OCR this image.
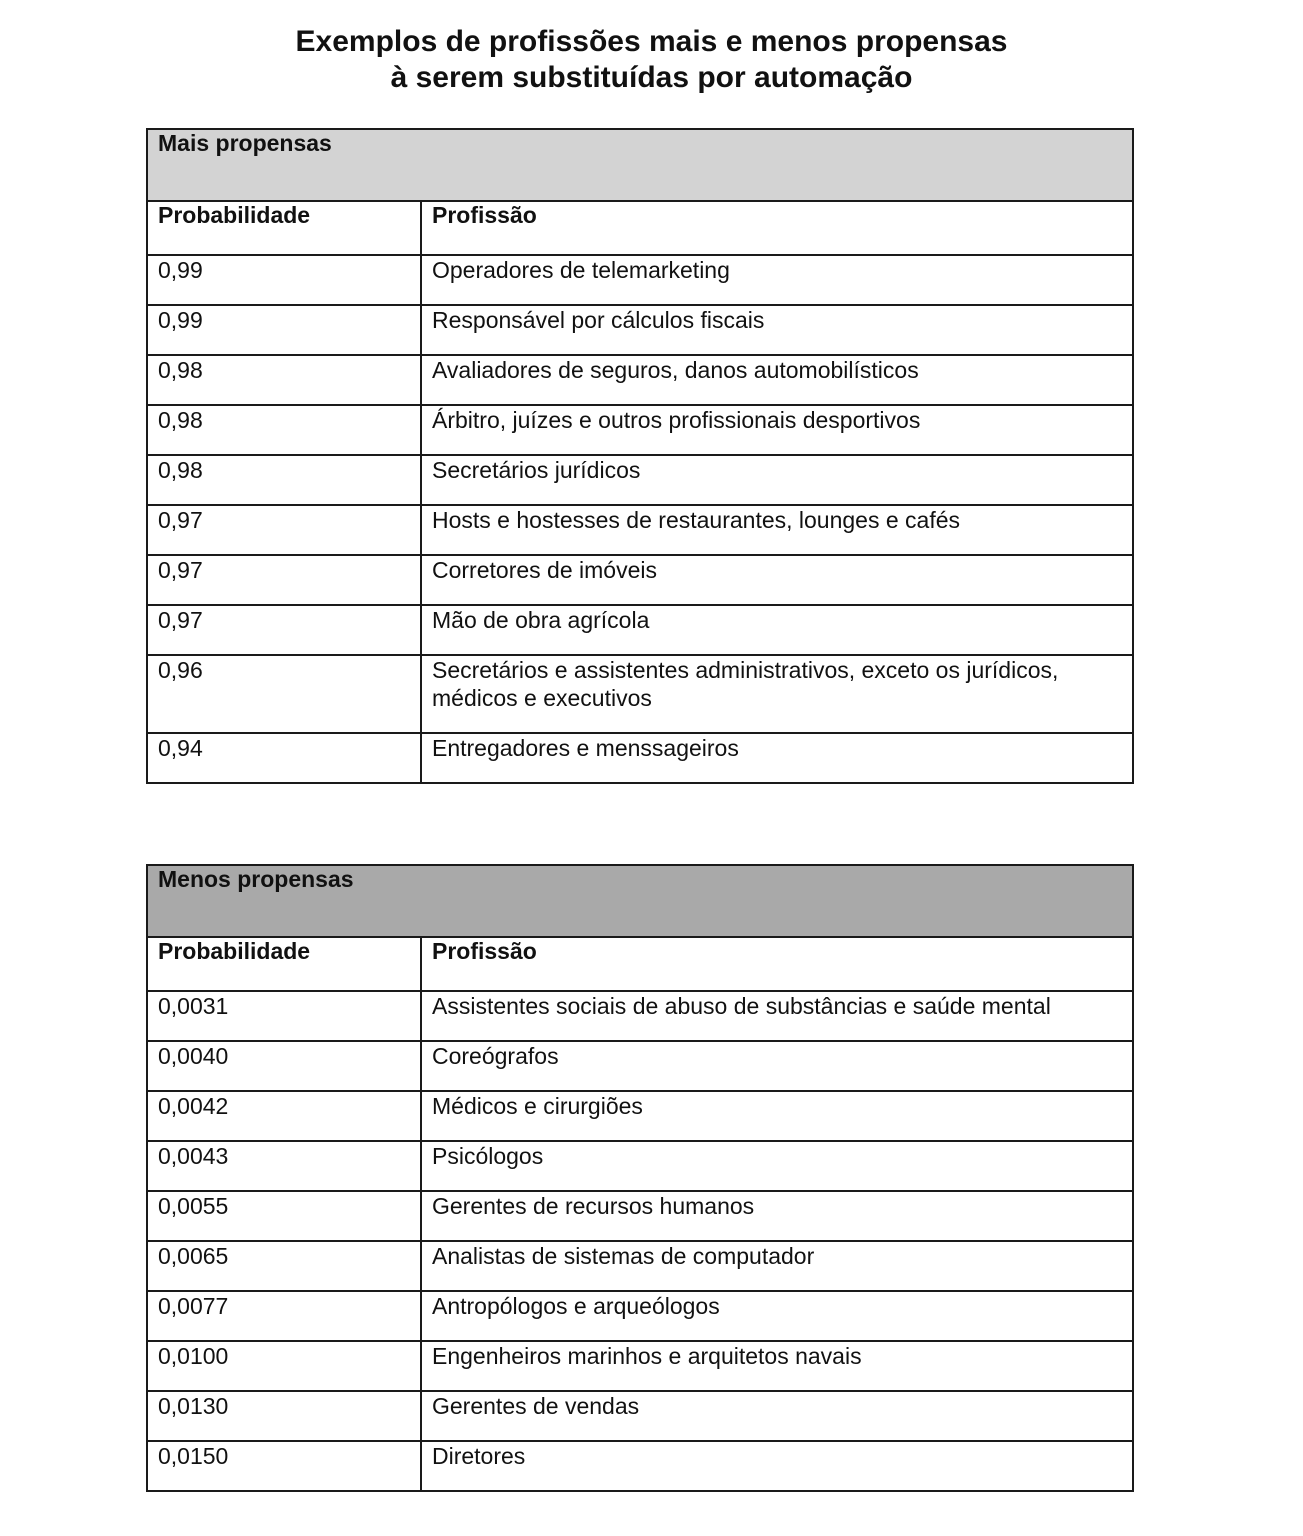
Exemplos de profissões mais e menos propensas
à serem substituídas por automação
Mais propensas	
Probabilidade	Profissão
0,99	Operadores de telemarketing
0,99	Responsável por cálculos fiscais
0,98	Avaliadores de seguros, danos automobilísticos
0,98	Árbitro, juízes e outros profissionais desportivos
0,98	Secretários jurídicos
0,97	Hosts e hostesses de restaurantes, lounges e cafés
0,97	Corretores de imóveis
0,97	Mão de obra agrícola
0,96	Secretários e assistentes administrativos, exceto os jurídicos, médicos e executivos
0,94	Entregadores e menssageiros
Menos propensas	
Probabilidade	Profissão
0,0031	Assistentes sociais de abuso de substâncias e saúde mental
0,0040	Coreógrafos
0,0042	Médicos e cirurgiões
0,0043	Psicólogos
0,0055	Gerentes de recursos humanos
0,0065	Analistas de sistemas de computador
0,0077	Antropólogos e arqueólogos
0,0100	Engenheiros marinhos e arquitetos navais
0,0130	Gerentes de vendas
0,0150	Diretores
